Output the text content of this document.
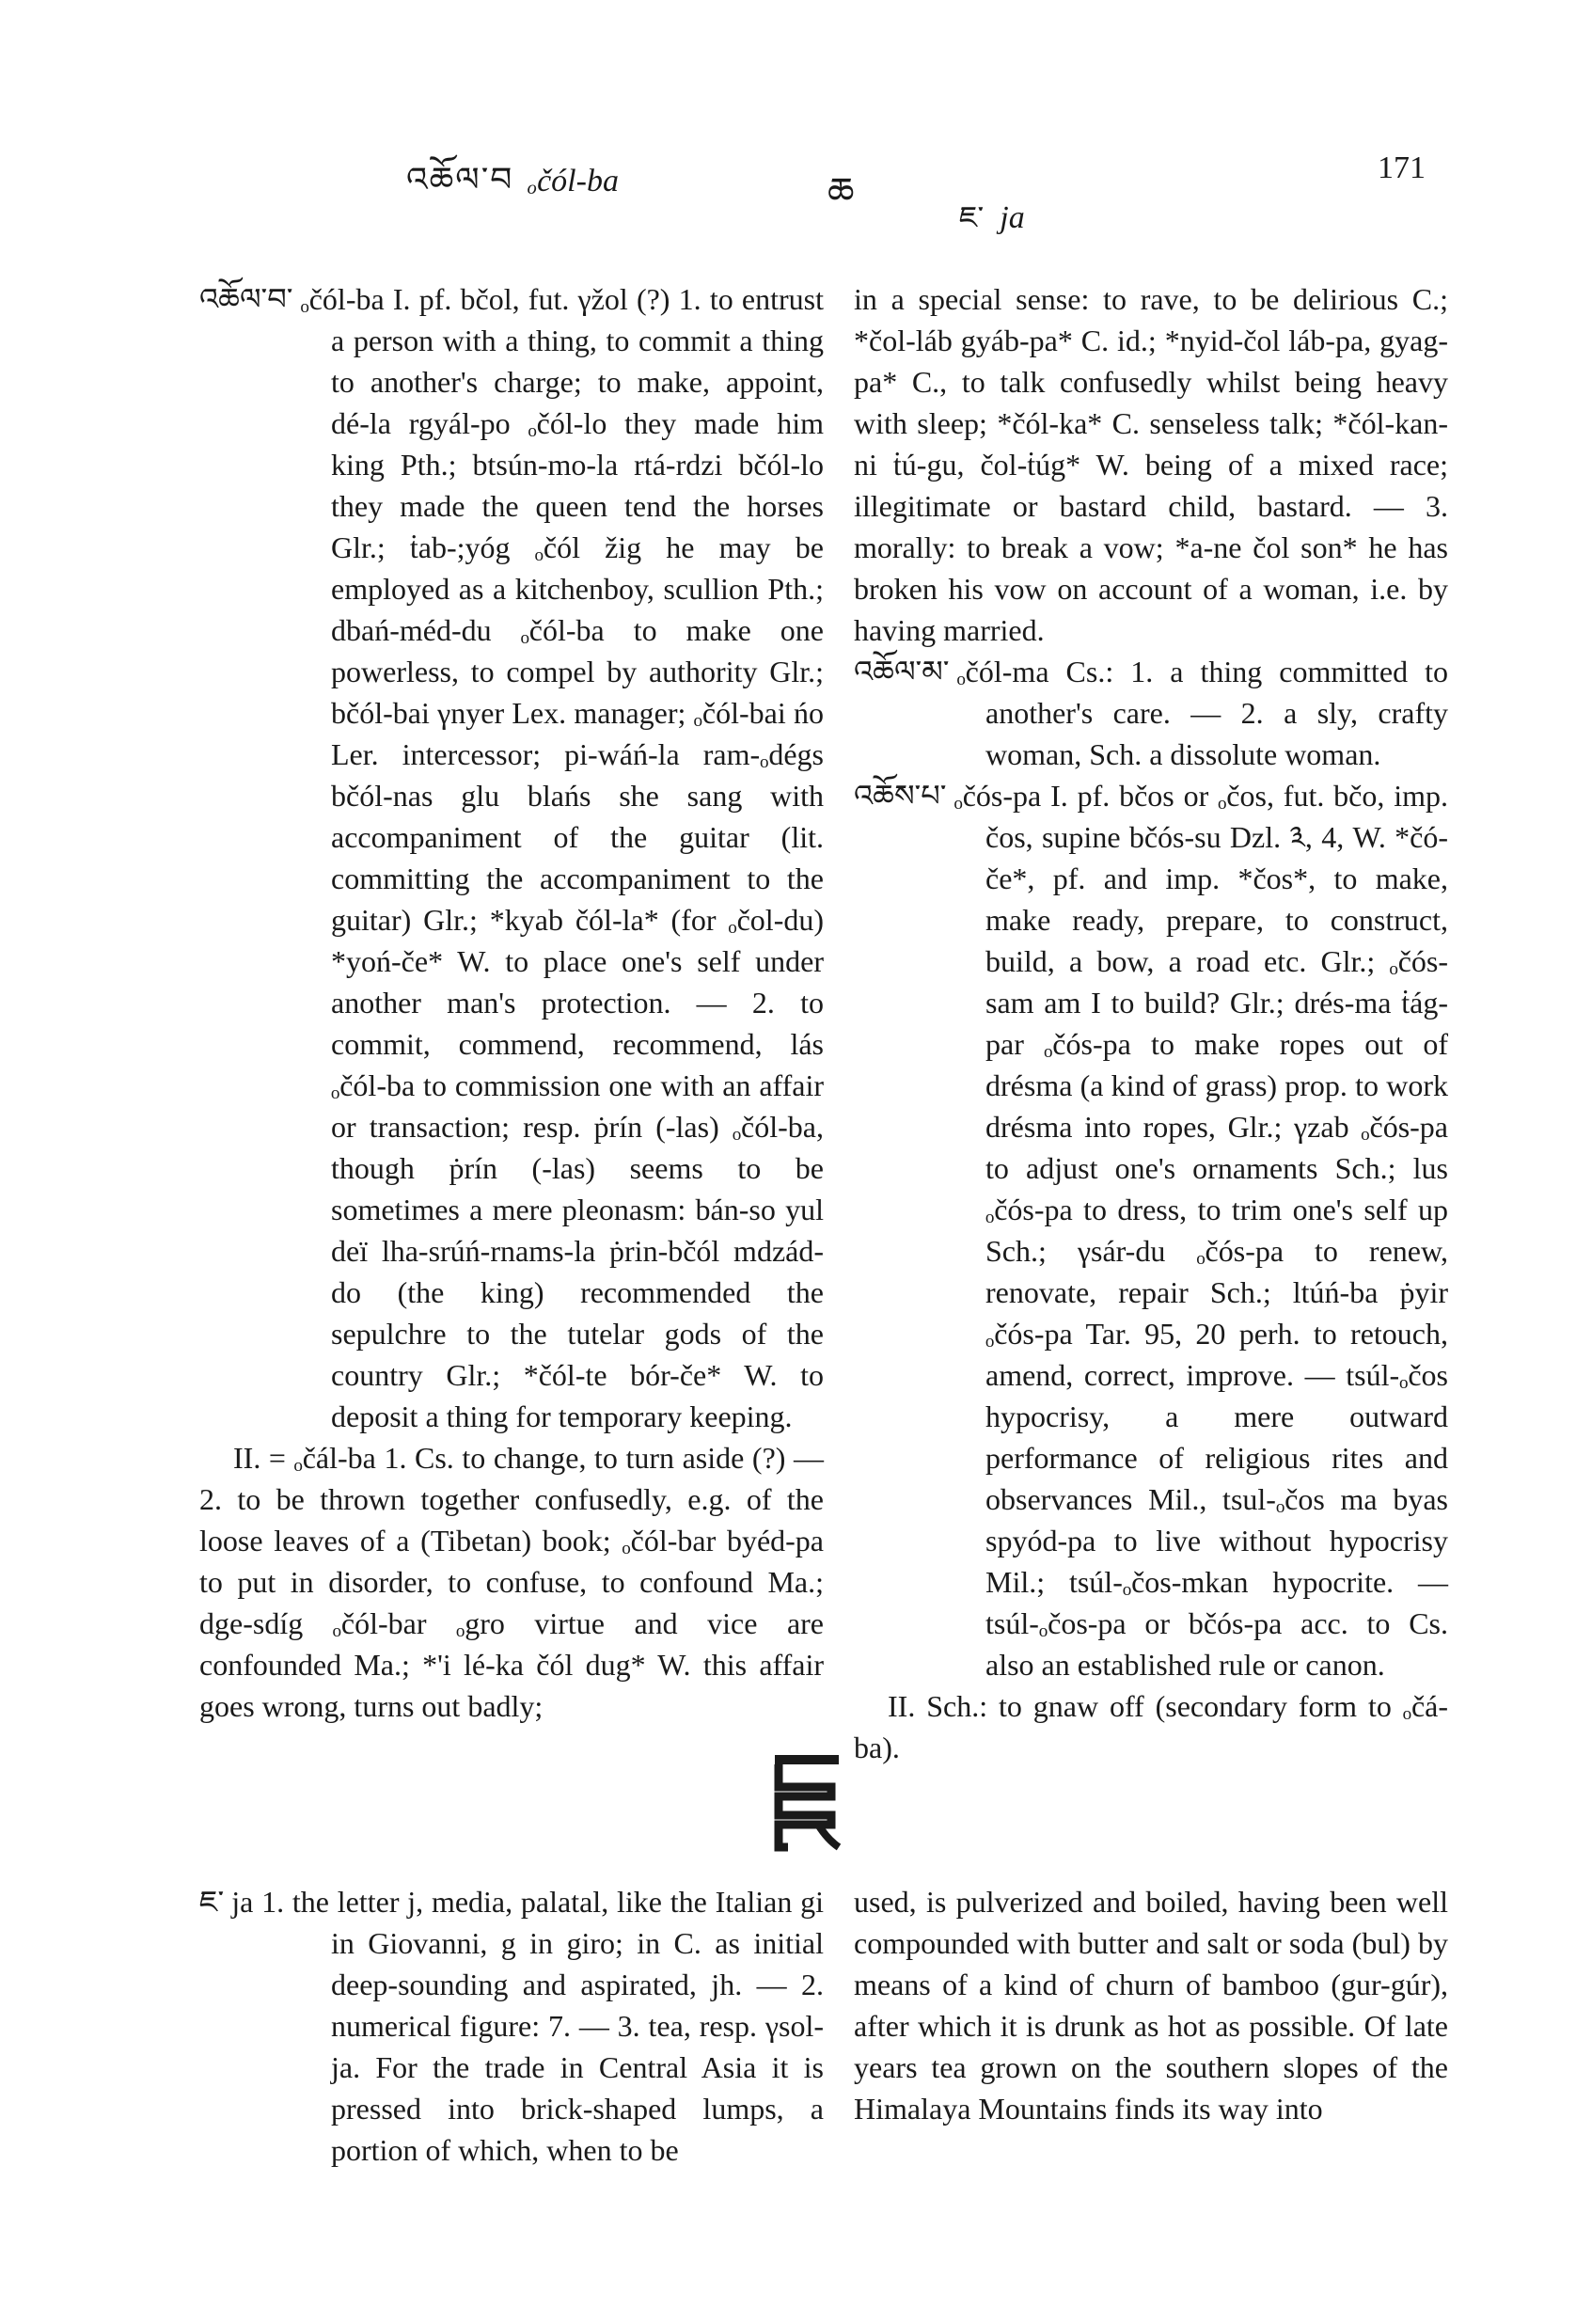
འཆོལ་བ ₒčól-ba	ཆ
ཇ་ ja
171

འཆོལ་བ་ ₒčól-ba I. pf. bčol, fut. γžol (?) 1. to entrust a person with a thing, to commit a thing to another's charge; to make, appoint, dé-la rgyál-po ₒčól-lo they made him king Pth.; btsún-mo-la rtá-rdzi bčól-lo they made the queen tend the horses Glr.; ṫab-;yóg ₒčól žig he may be employed as a kitchenboy, scullion Pth.; dbań-méd-du ₒčól-ba to make one powerless, to compel by authority Glr.; bčól-bai γnyer Lex. manager; ₒčól-bai ńo Ler. intercessor; pi-wáń-la ram-ₒdégs bčól-nas glu blańs she sang with accompaniment of the guitar (lit. committing the accompaniment to the guitar) Glr.; *kyab čól-la* (for ₒčol-du) *yoń-če* W. to place one's self under another man's protection. — 2. to commit, commend, recommend, lás ₒčól-ba to commission one with an affair or transaction; resp. ṗrín (-las) ₒčól-ba, though ṗrín (-las) seems to be sometimes a mere pleonasm: bán-so yul deï lha-srúń-rnams-la ṗrin-bčól mdzád-do (the king) recommended the sepulchre to the tutelar gods of the country Glr.; *čól-te bór-če* W. to deposit a thing for temporary keeping.

II. = ₒčál-ba 1. Cs. to change, to turn aside (?) — 2. to be thrown together confusedly, e.g. of the loose leaves of a (Tibetan) book; ₒčól-bar byéd-pa to put in disorder, to confuse, to confound Ma.; dge-sdíg ₒčól-bar ₒgro virtue and vice are confounded Ma.; *'i lé-ka čól dug* W. this affair goes wrong, turns out badly;

in a special sense: to rave, to be delirious C.; *čol-láb gyáb-pa* C. id.; *nyid-čol láb-pa, gyag-pa* C., to talk confusedly whilst being heavy with sleep; *čól-ka* C. senseless talk; *čól-kan-ni ṫú-gu, čol-ṫúg* W. being of a mixed race; illegitimate or bastard child, bastard. — 3. morally: to break a vow; *a-ne čol son* he has broken his vow on account of a woman, i.e. by having married.

འཆོལ་མ་ ₒčól-ma Cs.: 1. a thing committed to another's care. — 2. a sly, crafty woman, Sch. a dissolute woman.

འཆོས་པ་ ₒčós-pa I. pf. bčos or ₒčos, fut. bčo, imp. čos, supine bčós-su Dzl. ༣, 4, W. *čó-če*, pf. and imp. *čos*, to make, make ready, prepare, to construct, build, a bow, a road etc. Glr.; ₒčós-sam am I to build? Glr.; drés-ma ṫág-par ₒčós-pa to make ropes out of drésma (a kind of grass) prop. to work drésma into ropes, Glr.; γzab ₒčós-pa to adjust one's ornaments Sch.; lus ₒčós-pa to dress, to trim one's self up Sch.; γsár-du ₒčós-pa to renew, renovate, repair Sch.; ltúń-ba ṗyir ₒčós-pa Tar. 95, 20 perh. to retouch, amend, correct, improve. — tsúl-ₒčos hypocrisy, a mere outward performance of religious rites and observances Mil., tsul-ₒčos ma byas spyód-pa to live without hypocrisy Mil.; tsúl-ₒčos-mkan hypocrite. — tsúl-ₒčos-pa or bčós-pa acc. to Cs. also an established rule or canon.

II. Sch.: to gnaw off (secondary form to ₒčá-ba).

ཇ་ ja 1. the letter j, media, palatal, like the Italian gi in Giovanni, g in giro; in C. as initial deep-sounding and aspirated, jh. — 2. numerical figure: 7. — 3. tea, resp. γsol-ja. For the trade in Central Asia it is pressed into brick-shaped lumps, a portion of which, when to be

used, is pulverized and boiled, having been well compounded with butter and salt or soda (bul) by means of a kind of churn of bamboo (gur-gúr), after which it is drunk as hot as possible. Of late years tea grown on the southern slopes of the Himalaya Mountains finds its way into
